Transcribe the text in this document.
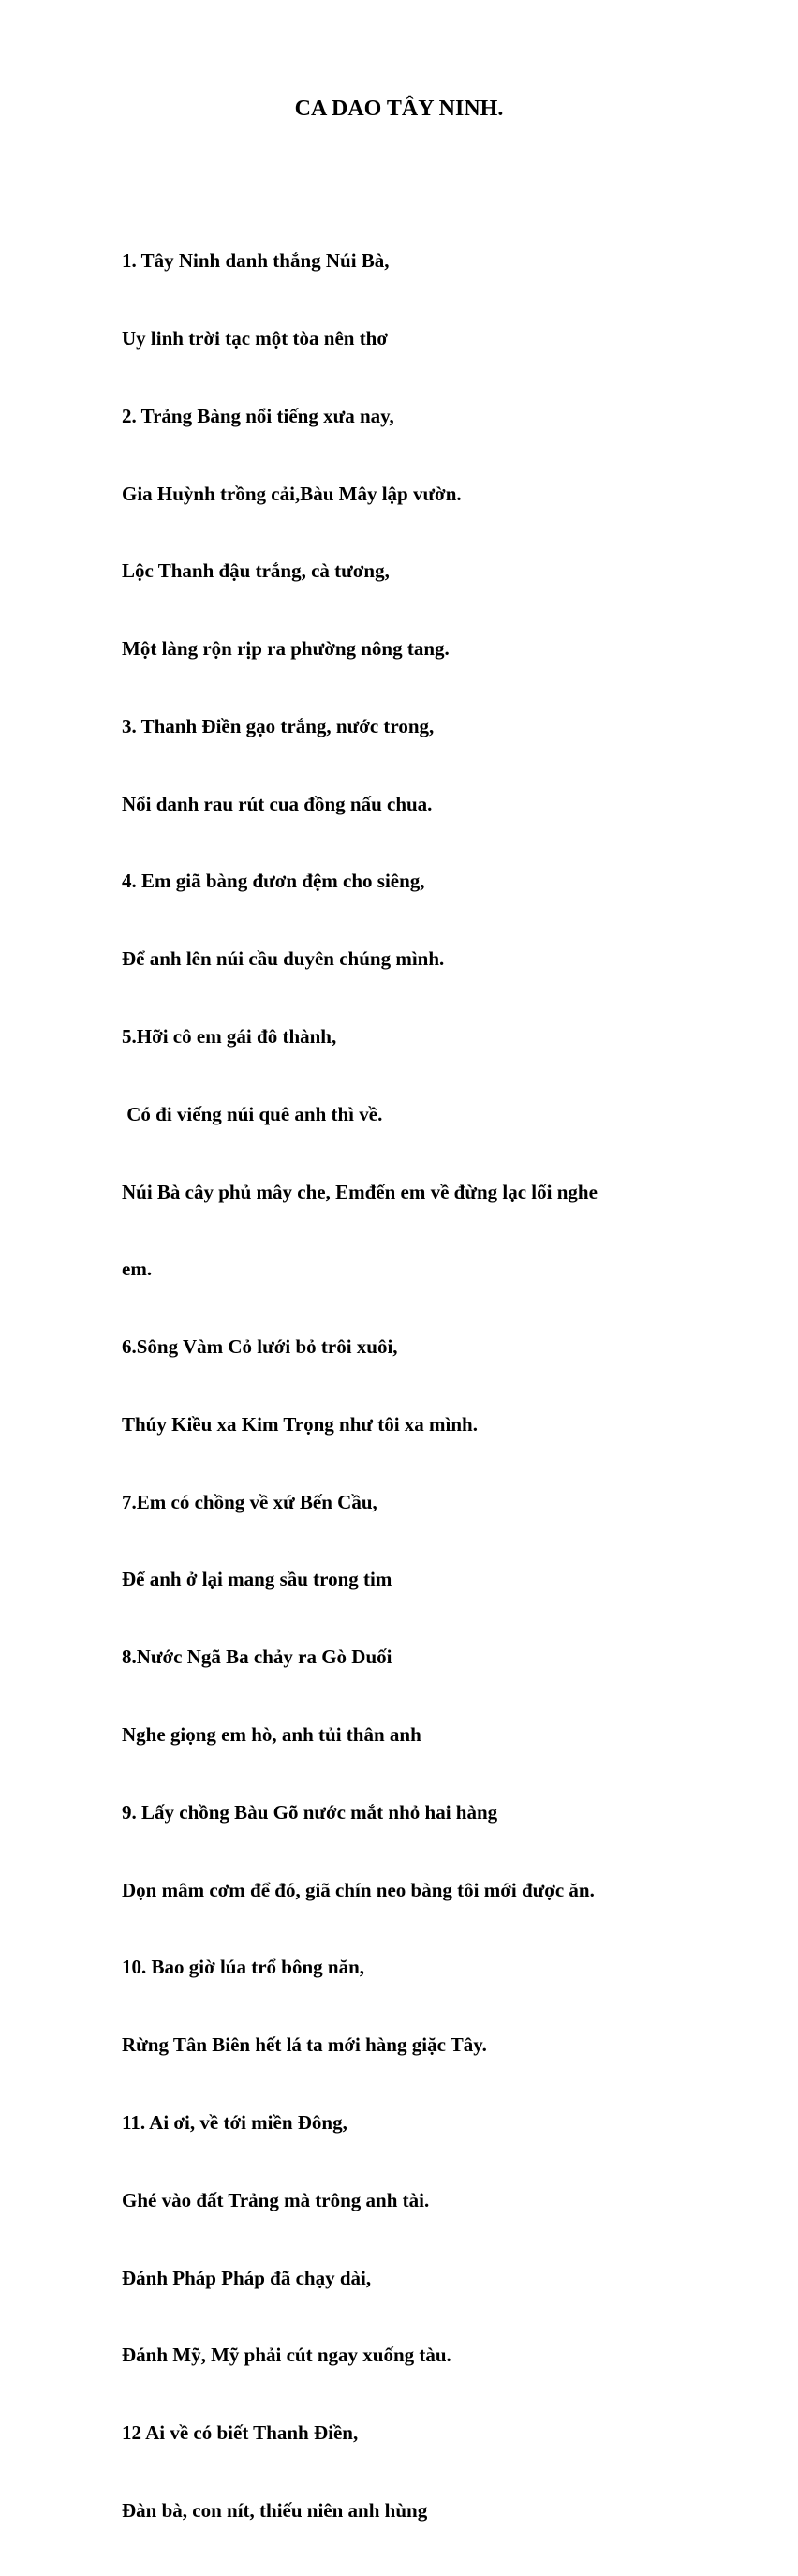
CA DAO TÂY NINH.

1. Tây Ninh danh thắng Núi Bà,

Uy linh trời tạc một tòa nên thơ

2. Trảng Bàng nổi tiếng xưa nay,

Gia Huỳnh trồng cải,Bàu Mây lập vườn.

Lộc Thanh đậu trắng, cà tương,

Một làng rộn rịp ra phường nông tang.

3. Thanh Điền gạo trắng, nước trong,

Nổi danh rau rút cua đồng nấu chua.

4. Em giã bàng đươn đệm cho siêng,

Để anh lên núi cầu duyên chúng mình.

5.Hỡi cô em gái đô thành,

Có đi viếng núi quê anh thì về.

Núi Bà cây phủ mây che, Emđến em về đừng lạc lối nghe

em.

6.Sông Vàm Cỏ lưới bỏ trôi xuôi,

Thúy Kiều xa Kim Trọng như tôi xa mình.

7.Em có chồng về xứ Bến Cầu,

Để anh ở lại mang sầu trong tim

8.Nước Ngã Ba chảy ra Gò Duối

Nghe giọng em hò, anh tủi thân anh

9. Lấy chồng Bàu Gõ nước mắt nhỏ hai hàng

Dọn mâm cơm để đó, giã chín neo bàng tôi mới được ăn.

10. Bao giờ lúa trổ bông năn,

Rừng Tân Biên hết lá ta mới hàng giặc Tây.

11. Ai ơi, về tới miền Đông,

Ghé vào đất Trảng mà trông anh tài.

Đánh Pháp Pháp đã chạy dài,

Đánh Mỹ, Mỹ phải cút ngay xuống tàu.

12 Ai về có biết Thanh Điền,

Đàn bà, con nít, thiếu niên anh hùng
